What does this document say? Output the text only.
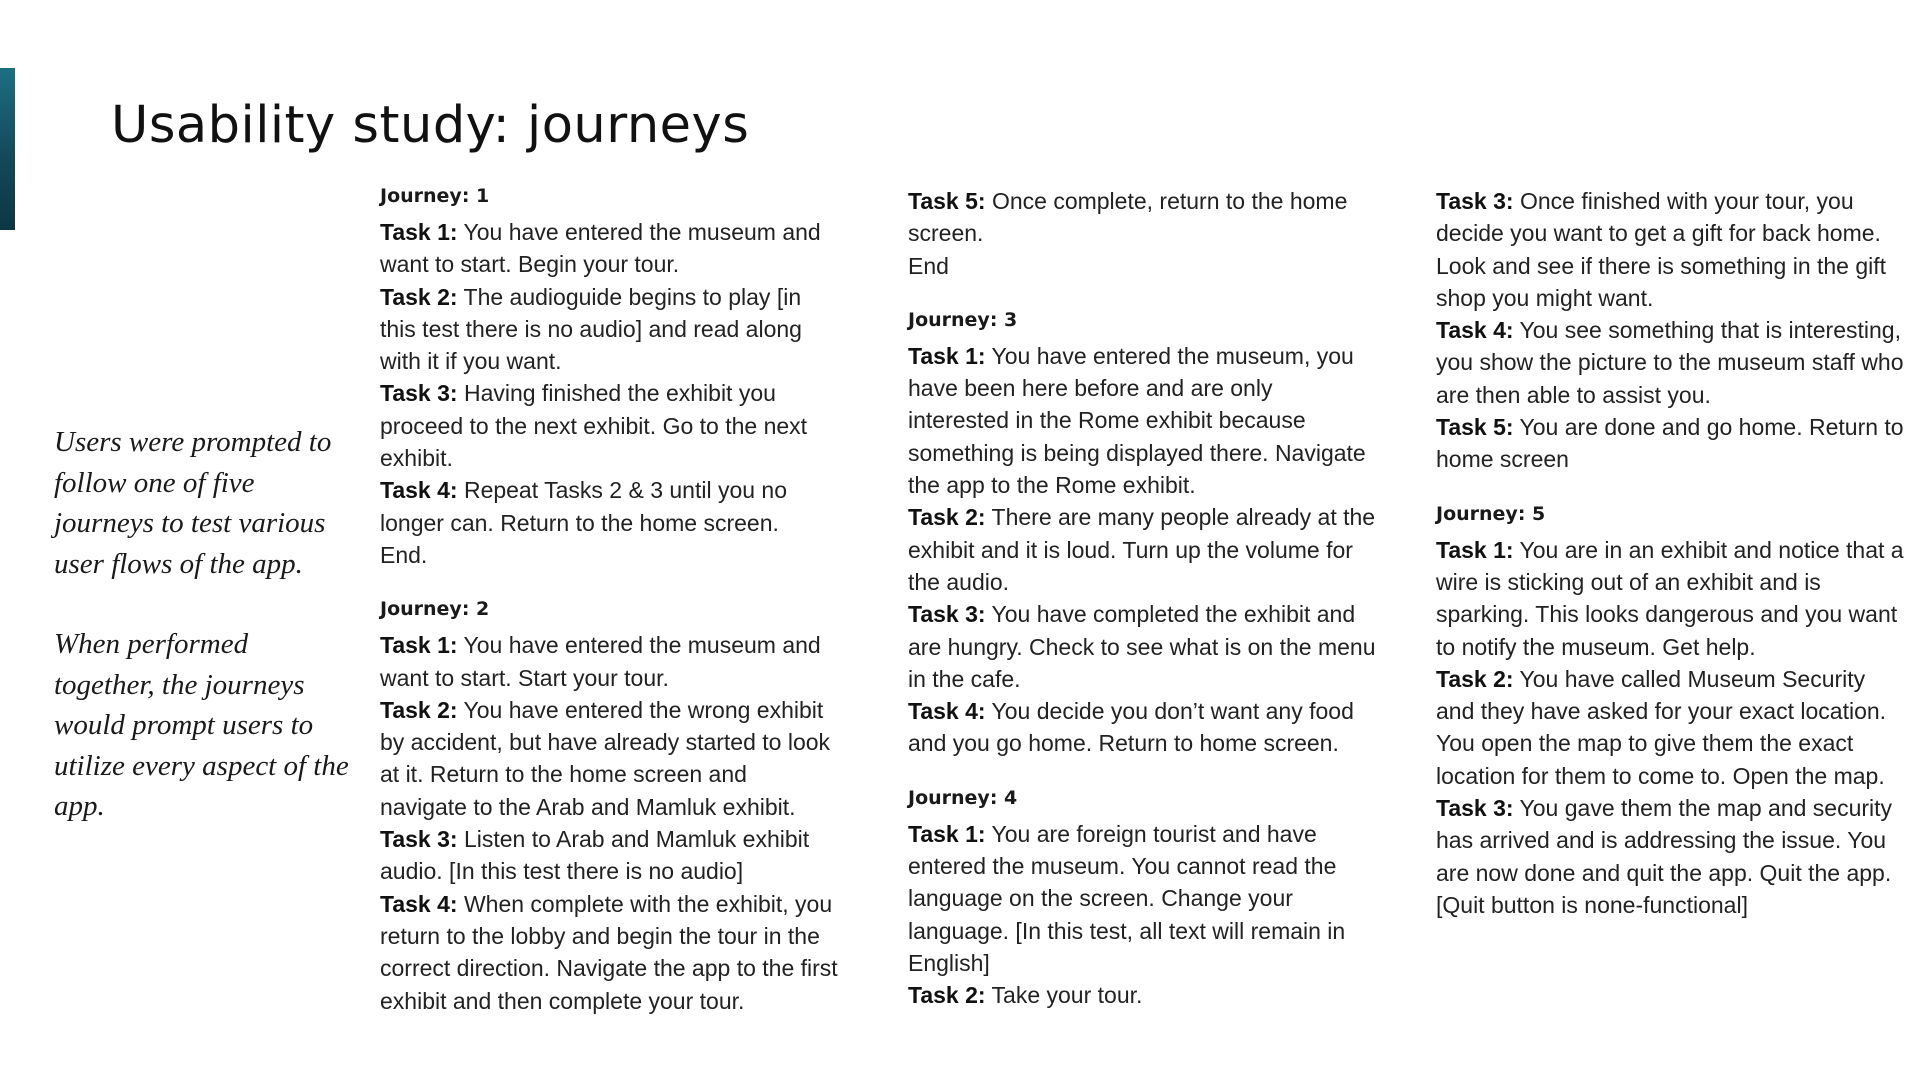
Usability study: journeys

Users were prompted to follow one of five journeys to test various user flows of the app.

When performed together, the journeys would prompt users to utilize every aspect of the app.

Journey: 1

Task 1: You have entered the museum and want to start. Begin your tour.

Task 2: The audioguide begins to play [in this test there is no audio] and read along with it if you want.

Task 3: Having finished the exhibit you proceed to the next exhibit. Go to the next exhibit.

Task 4: Repeat Tasks 2 & 3 until you no longer can. Return to the home screen.

End.

Journey: 2

Task 1: You have entered the museum and want to start. Start your tour.

Task 2: You have entered the wrong exhibit by accident, but have already started to look at it. Return to the home screen and navigate to the Arab and Mamluk exhibit.

Task 3: Listen to Arab and Mamluk exhibit audio. [In this test there is no audio]

Task 4: When complete with the exhibit, you return to the lobby and begin the tour in the correct direction. Navigate the app to the first exhibit and then complete your tour.

Task 5: Once complete, return to the home screen.

End

Journey: 3

Task 1: You have entered the museum, you have been here before and are only interested in the Rome exhibit because something is being displayed there. Navigate the app to the Rome exhibit.

Task 2: There are many people already at the exhibit and it is loud. Turn up the volume for the audio.

Task 3: You have completed the exhibit and are hungry. Check to see what is on the menu in the cafe.

Task 4: You decide you don’t want any food and you go home. Return to home screen.

Journey: 4

Task 1: You are foreign tourist and have entered the museum. You cannot read the language on the screen. Change your language. [In this test, all text will remain in English]

Task 2: Take your tour.

Task 3: Once finished with your tour, you decide you want to get a gift for back home. Look and see if there is something in the gift shop you might want.

Task 4: You see something that is interesting, you show the picture to the museum staff who are then able to assist you.

Task 5: You are done and go home. Return to home screen

Journey: 5

Task 1: You are in an exhibit and notice that a wire is sticking out of an exhibit and is sparking. This looks dangerous and you want to notify the museum. Get help.

Task 2: You have called Museum Security and they have asked for your exact location. You open the map to give them the exact location for them to come to. Open the map.

Task 3: You gave them the map and security has arrived and is addressing the issue. You are now done and quit the app. Quit the app. [Quit button is none-functional]
